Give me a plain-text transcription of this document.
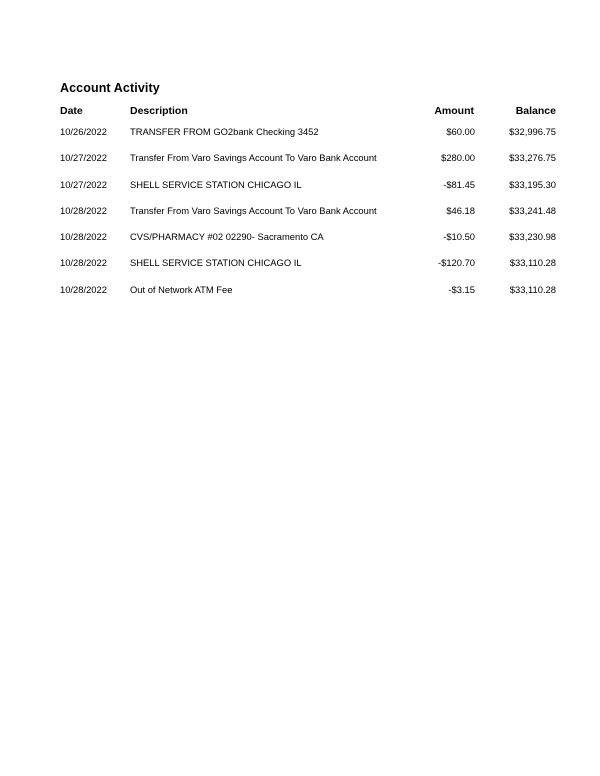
Account Activity
Date	Description	Amount	Balance
10/26/2022 TRANSFER FROM GO2bank Checking 3452	$60.00	$32,996.75
10/27/2022 Transfer From Varo Savings Account To Varo Bank Account	$280.00	$33,276.75
10/27/2022 SHELL SERVICE STATION CHICAGO IL	-$81.45	$33,195.30
10/28/2022 Transfer From Varo Savings Account To Varo Bank Account	$46.18	$33,241.48
10/28/2022 CVS/PHARMACY #02 02290- Sacramento CA	-$10.50	$33,230.98
10/28/2022 SHELL SERVICE STATION CHICAGO IL	-$120.70	$33,110.28
10/28/2022 Out of Network ATM Fee	-$3.15	$33,110.28
